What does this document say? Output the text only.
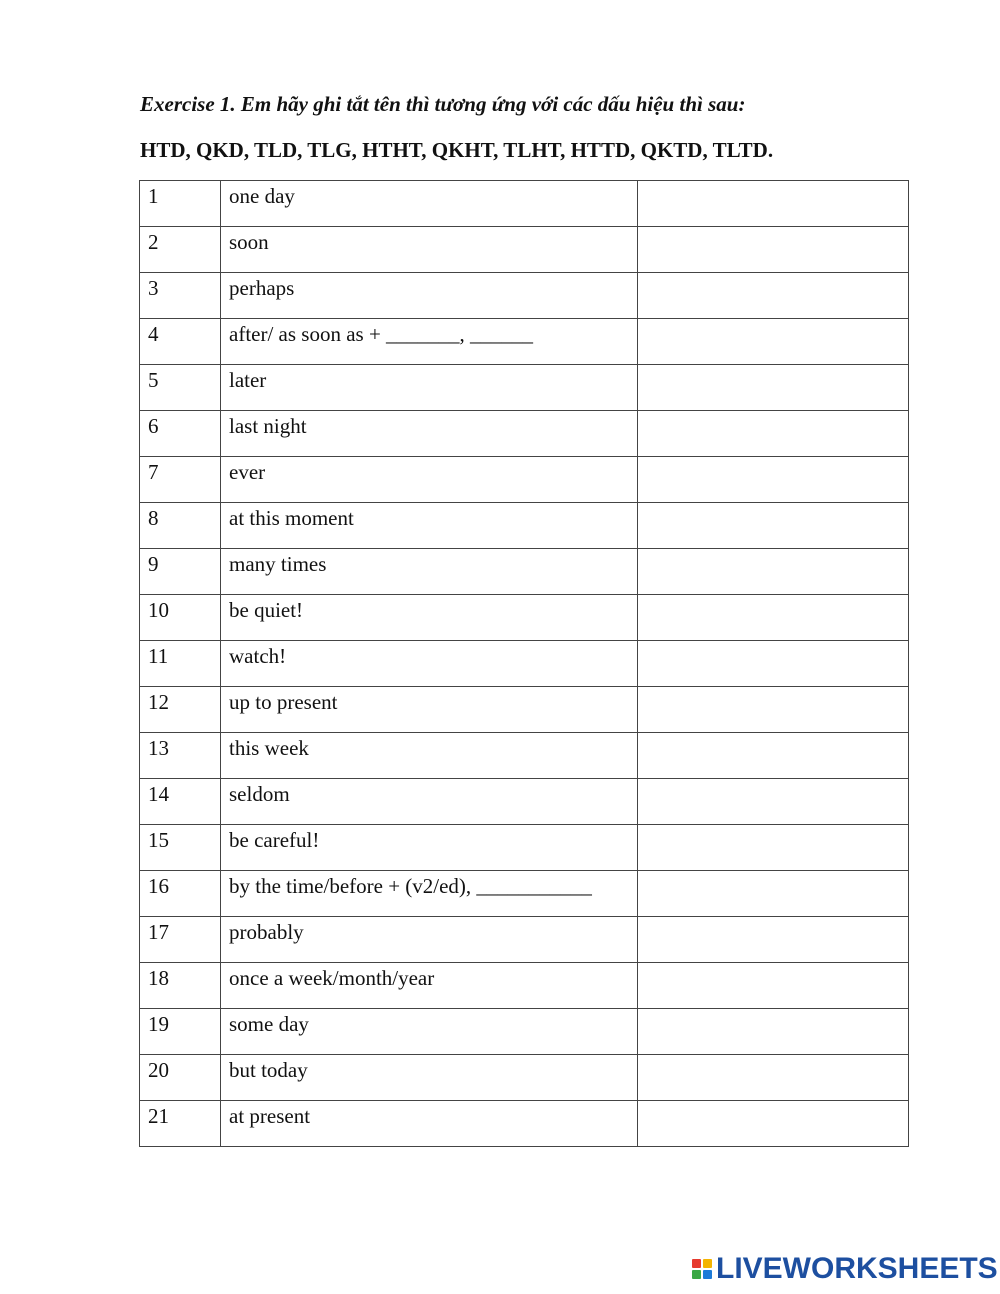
Exercise 1. Em hãy ghi tắt tên thì tương ứng với các dấu hiệu thì sau:
HTD, QKD, TLD, TLG, HTHT, QKHT, TLHT, HTTD, QKTD, TLTD.
1	one day	
2	soon	
3	perhaps	
4	after/ as soon as + _______, ______	
5	later	
6	last night	
7	ever	
8	at this moment	
9	many times	
10	be quiet!	
11	watch!	
12	up to present	
13	this week	
14	seldom	
15	be careful!	
16	by the time/before + (v2/ed), ___________	
17	probably	
18	once a week/month/year	
19	some day	
20	but today	
21	at present	
LIVEWORKSHEETS
